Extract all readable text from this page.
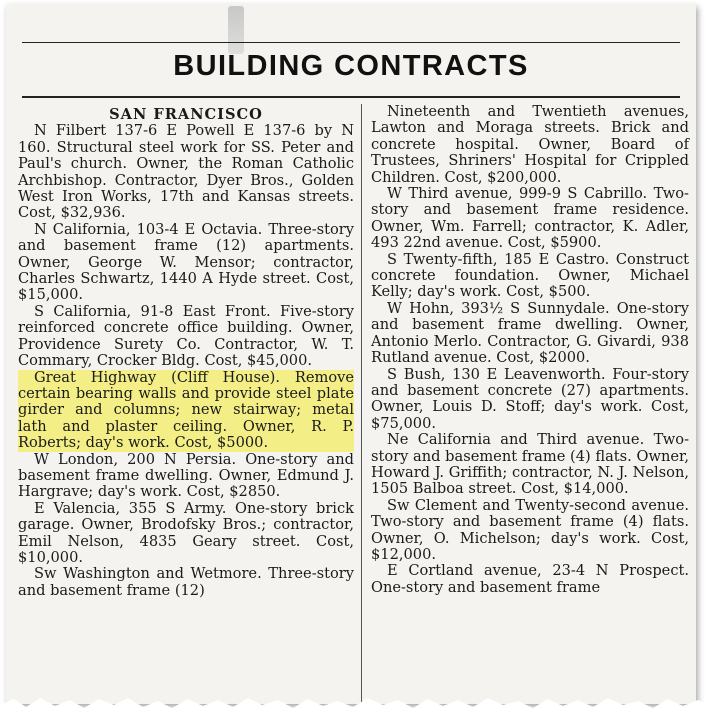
BUILDING CONTRACTS

SAN FRANCISCO

N Filbert 137-6 E Powell E 137-6 by N 160. Structural steel work for SS. Peter and Paul's church. Owner, the Roman Catholic Archbishop. Contractor, Dyer Bros., Golden West Iron Works, 17th and Kansas streets. Cost, $32,936.

N California, 103-4 E Octavia. Three-story and basement frame (12) apartments. Owner, George W. Mensor; contractor, Charles Schwartz, 1440 A Hyde street. Cost, $15,000.

S California, 91-8 East Front. Five-story reinforced concrete office building. Owner, Providence Surety Co. Contractor, W. T. Commary, Crocker Bldg. Cost, $45,000.

Great Highway (Cliff House). Remove certain bearing walls and provide steel plate girder and columns; new stairway; metal lath and plaster ceiling. Owner, R. P. Roberts; day's work. Cost, $5000.

W London, 200 N Persia. One-story and basement frame dwelling. Owner, Edmund J. Hargrave; day's work. Cost, $2850.

E Valencia, 355 S Army. One-story brick garage. Owner, Brodofsky Bros.; contractor, Emil Nelson, 4835 Geary street. Cost, $10,000.

Sw Washington and Wetmore. Three-story and basement frame (12)

Nineteenth and Twentieth avenues, Lawton and Moraga streets. Brick and concrete hospital. Owner, Board of Trustees, Shriners' Hospital for Crippled Children. Cost, $200,000.

W Third avenue, 999-9 S Cabrillo. Two-story and basement frame residence. Owner, Wm. Farrell; contractor, K. Adler, 493 22nd avenue. Cost, $5900.

S Twenty-fifth, 185 E Castro. Construct concrete foundation. Owner, Michael Kelly; day's work. Cost, $500.

W Hohn, 393½ S Sunnydale. One-story and basement frame dwelling. Owner, Antonio Merlo. Contractor, G. Givardi, 938 Rutland avenue. Cost, $2000.

S Bush, 130 E Leavenworth. Four-story and basement concrete (27) apartments. Owner, Louis D. Stoff; day's work. Cost, $75,000.

Ne California and Third avenue. Two-story and basement frame (4) flats. Owner, Howard J. Griffith; contractor, N. J. Nelson, 1505 Balboa street. Cost, $14,000.

Sw Clement and Twenty-second avenue. Two-story and basement frame (4) flats. Owner, O. Michelson; day's work. Cost, $12,000.

E Cortland avenue, 23-4 N Prospect. One-story and basement frame
